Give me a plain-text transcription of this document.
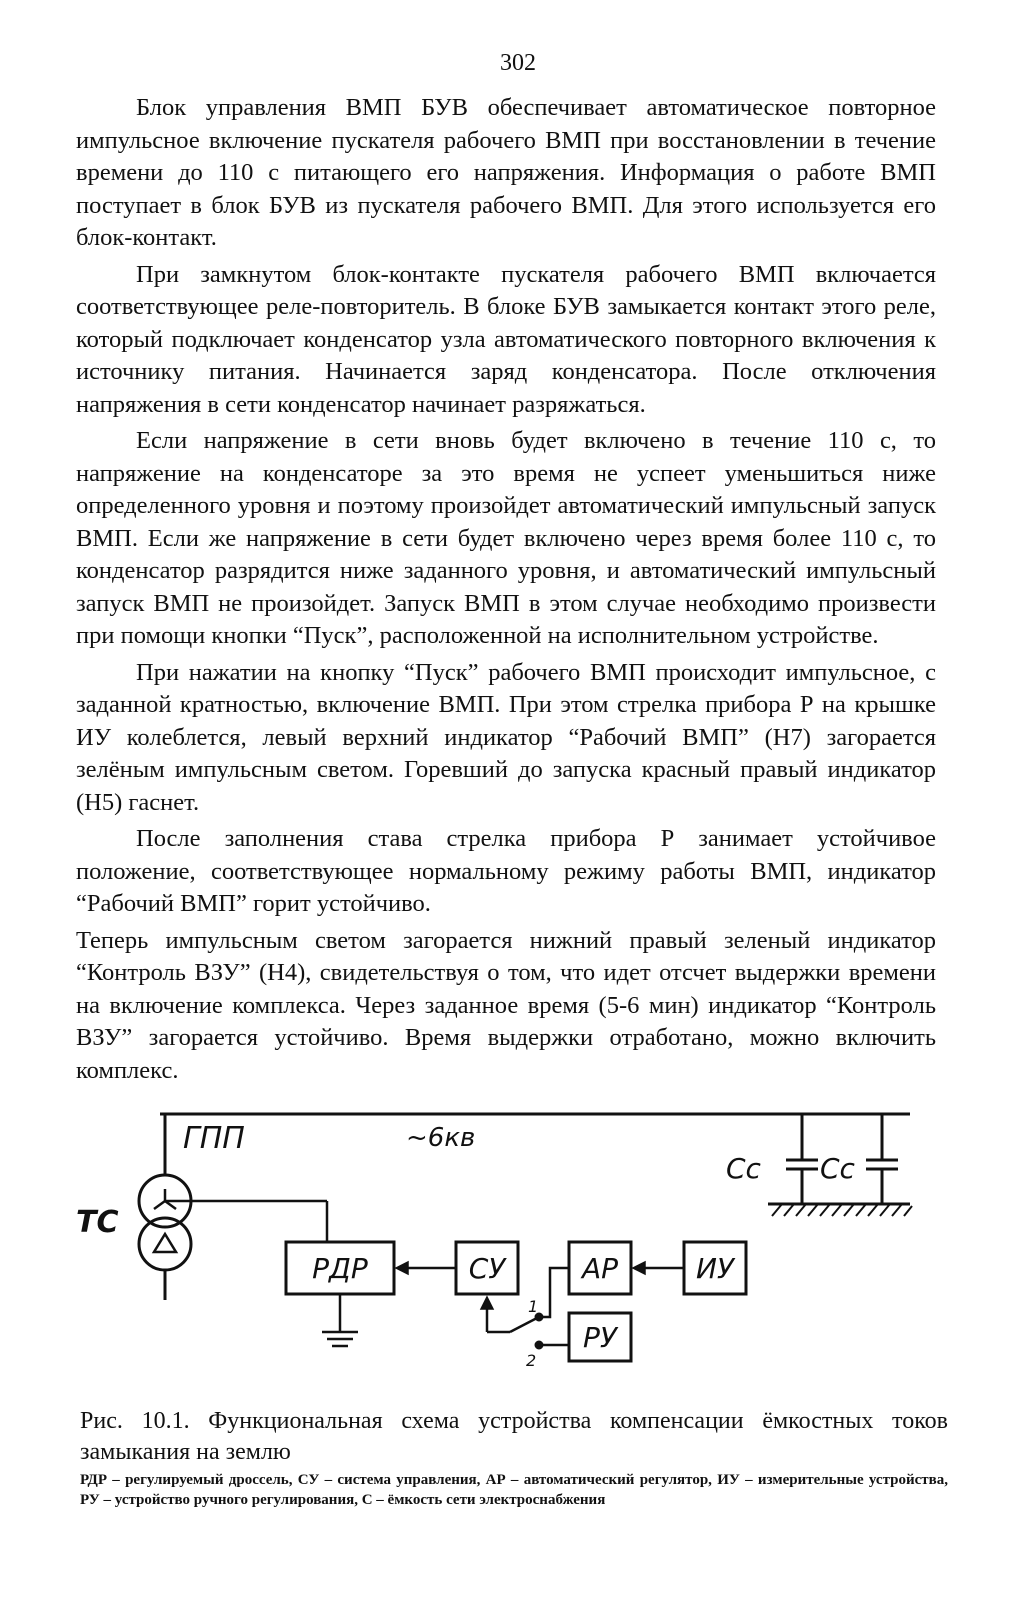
302

Блок управления ВМП БУВ обеспечивает автоматическое повторное импульсное включение пускателя рабочего ВМП при восстановлении в течение времени до 110 с питающего его напряжения. Информация о работе ВМП поступает в блок БУВ из пускателя рабочего ВМП. Для этого используется его блок-контакт.

При замкнутом блок-контакте пускателя рабочего ВМП включается соответствующее реле-повторитель. В блоке БУВ замыкается контакт этого реле, который подключает конденсатор узла автоматического повторного включения к источнику питания. Начинается заряд конденсатора. После отключения напряжения в сети конденсатор начинает разряжаться.

Если напряжение в сети вновь будет включено в течение 110 с, то напряжение на конденсаторе за это время не успеет уменьшиться ниже определенного уровня и поэтому произойдет автоматический импульсный запуск ВМП. Если же напряжение в сети будет включено через время более 110 с, то конденсатор разрядится ниже заданного уровня, и автоматический импульсный запуск ВМП не произойдет. Запуск ВМП в этом случае необходимо произвести при помощи кнопки “Пуск”, расположенной на исполнительном устройстве.

При нажатии на кнопку “Пуск” рабочего ВМП происходит импульсное, с заданной кратностью, включение ВМП. При этом стрелка прибора Р на крышке ИУ колеблется, левый верхний индикатор “Рабочий ВМП” (Н7) загорается зелёным импульсным светом. Горевший до запуска красный правый индикатор (Н5) гаснет.

После заполнения става стрелка прибора Р занимает устойчивое положение, соответствующее нормальному режиму работы ВМП, индикатор “Рабочий ВМП” горит устойчиво.

Теперь импульсным светом загорается нижний правый зеленый индикатор “Контроль ВЗУ” (Н4), свидетельствуя о том, что идет отсчет выдержки времени на включение комплекса. Через заданное время (5-6 мин) индикатор “Контроль ВЗУ” загорается устойчиво. Время выдержки отработано, можно включить комплекс.

ГПП	~6кв
ТС
Cс Cс
РДР	СУ	АР	ИУ
РУ
1
2
Рис. 10.1. Функциональная схема устройства компенсации ёмкостных токов замыкания на землю
РДР – регулируемый дроссель, СУ – система управления, АР – автоматический регулятор, ИУ – измерительные устройства, РУ – устройство ручного регулирования, С – ёмкость сети электроснабжения
